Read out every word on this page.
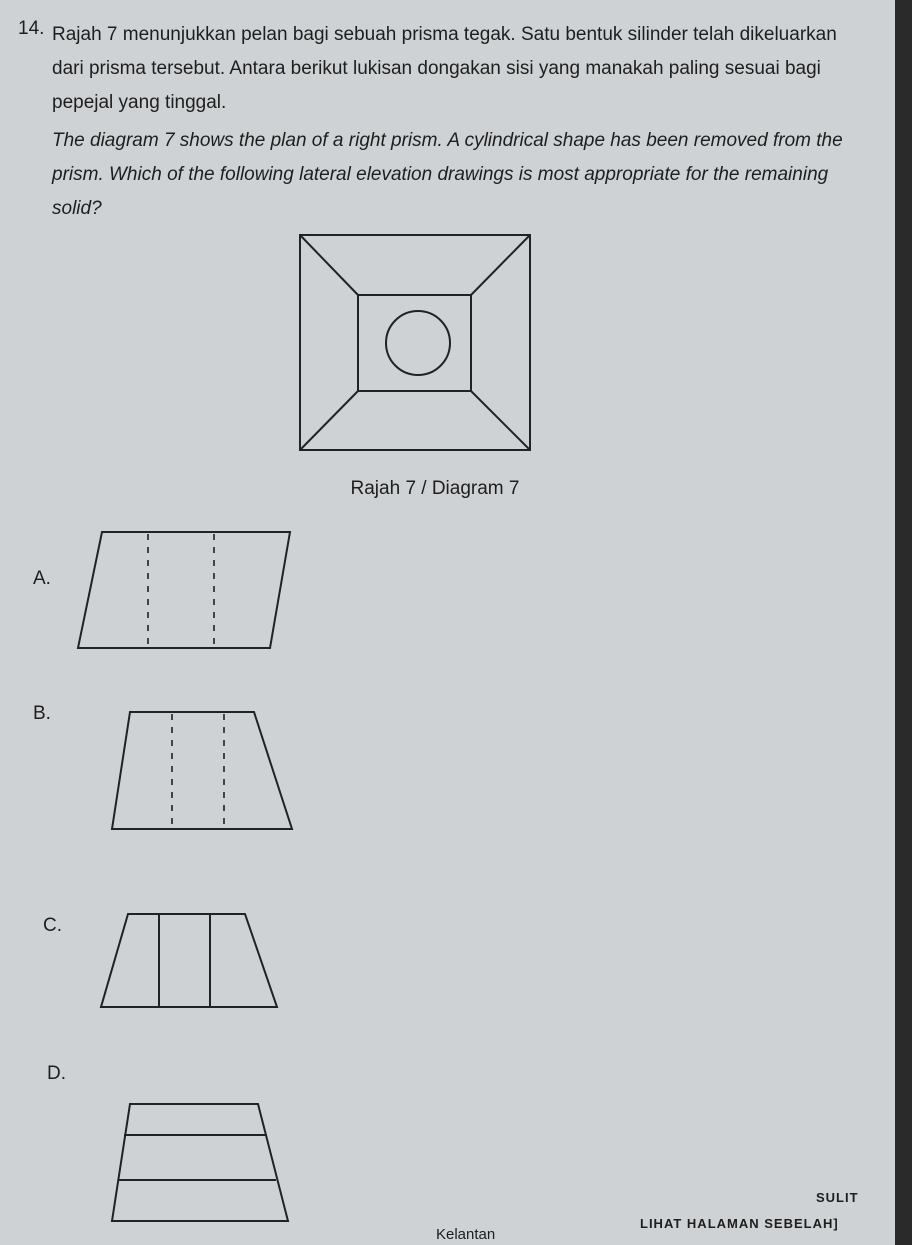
14. Rajah 7 menunjukkan pelan bagi sebuah prisma tegak. Satu bentuk silinder telah dikeluarkan dari prisma tersebut. Antara berikut lukisan dongakan sisi yang manakah paling sesuai bagi pepejal yang tinggal.

The diagram 7 shows the plan of a right prism. A cylindrical shape has been removed from the prism. Which of the following lateral elevation drawings is most appropriate for the remaining solid?

Rajah 7 / Diagram 7
A.
B.
C.
D.
SULIT
Kelantan
LIHAT HALAMAN SEBELAH]
